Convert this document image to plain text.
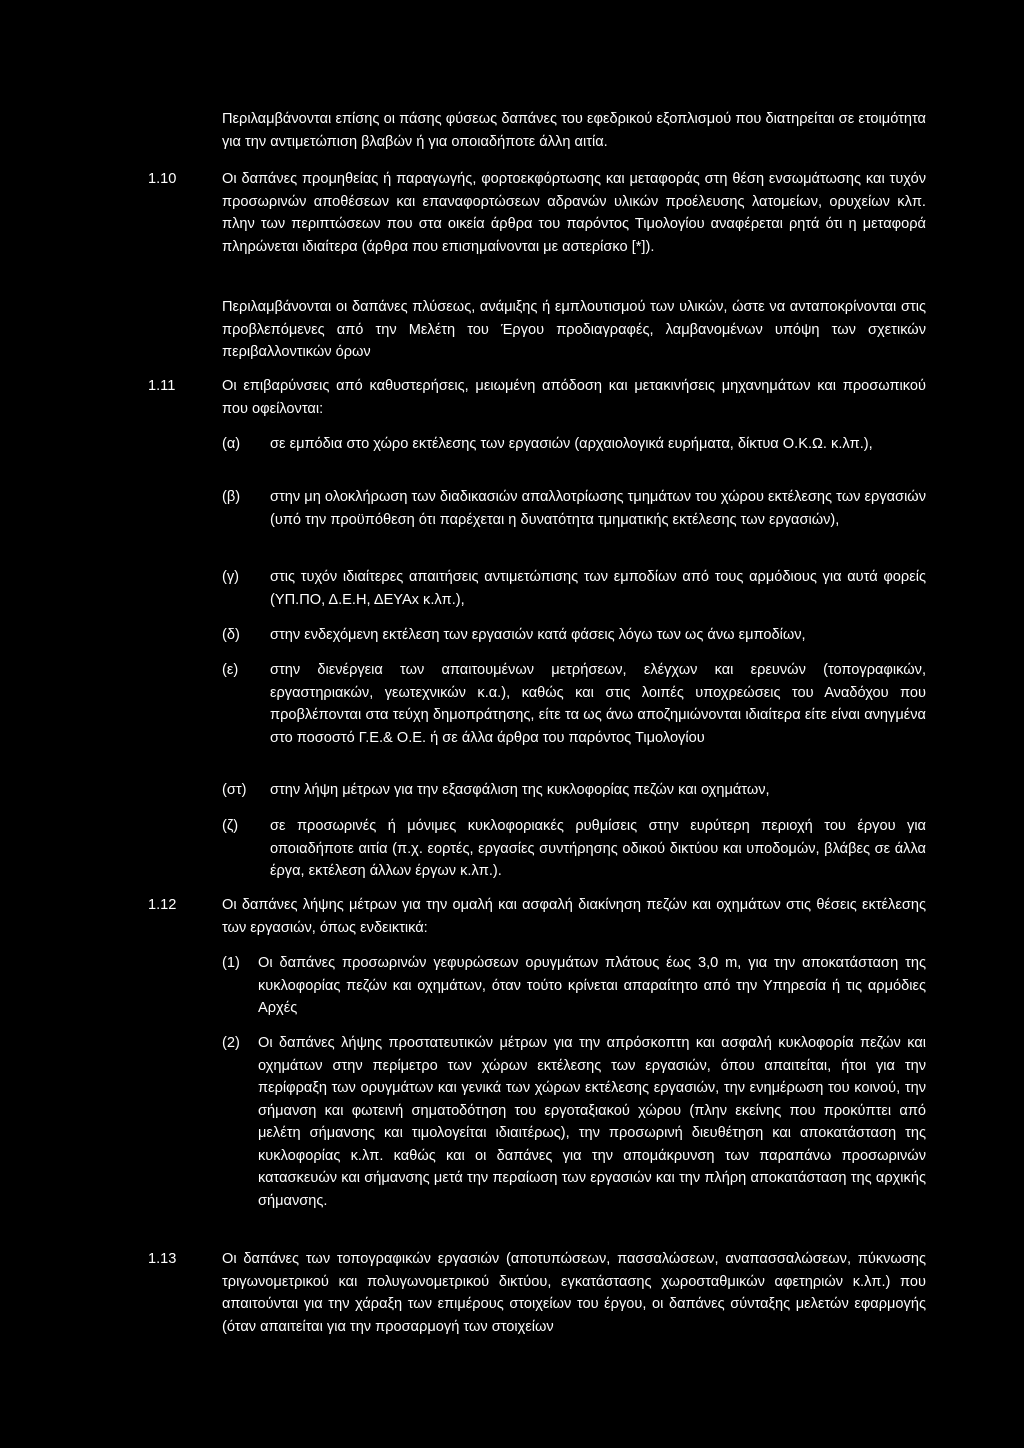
Περιλαμβάνονται επίσης οι πάσης φύσεως δαπάνες του εφεδρικού εξοπλισμού που διατηρείται σε ετοιμότητα για την αντιμετώπιση βλαβών ή για οποιαδήποτε άλλη αιτία.

1.10	Οι δαπάνες προμηθείας ή παραγωγής, φορτοεκφόρτωσης και μεταφοράς στη θέση ενσωμάτωσης και τυχόν προσωρινών αποθέσεων και επαναφορτώσεων αδρανών υλικών προέλευσης λατομείων, ορυχείων κλπ. πλην των περιπτώσεων που στα οικεία άρθρα του παρόντος Τιμολογίου αναφέρεται ρητά ότι η μεταφορά πληρώνεται ιδιαίτερα (άρθρα που επισημαίνονται με αστερίσκο [*]).

Περιλαμβάνονται οι δαπάνες πλύσεως, ανάμιξης ή εμπλουτισμού των υλικών, ώστε να ανταποκρίνονται στις προβλεπόμενες από την Μελέτη του Έργου προδιαγραφές, λαμβανομένων υπόψη των σχετικών περιβαλλοντικών όρων

1.11	Οι επιβαρύνσεις από καθυστερήσεις, μειωμένη απόδοση και μετακινήσεις μηχανημάτων και προσωπικού που οφείλονται:

(α) σε εμπόδια στο χώρο εκτέλεσης των εργασιών (αρχαιολογικά ευρήματα, δίκτυα Ο.Κ.Ω. κ.λπ.),

(β) στην μη ολοκλήρωση των διαδικασιών απαλλοτρίωσης τμημάτων του χώρου εκτέλεσης των εργασιών (υπό την προϋπόθεση ότι παρέχεται η δυνατότητα τμηματικής εκτέλεσης των εργασιών),

(γ) στις τυχόν ιδιαίτερες απαιτήσεις αντιμετώπισης των εμποδίων από τους αρμόδιους για αυτά φορείς (ΥΠ.ΠΟ, Δ.Ε.Η, ΔΕΥΑx κ.λπ.),

(δ) στην ενδεχόμενη εκτέλεση των εργασιών κατά φάσεις λόγω των ως άνω εμποδίων,

(ε) στην διενέργεια των απαιτουμένων μετρήσεων, ελέγχων και ερευνών (τοπογραφικών, εργαστηριακών, γεωτεχνικών κ.α.), καθώς και στις λοιπές υποχρεώσεις του Αναδόχου που προβλέπονται στα τεύχη δημοπράτησης, είτε τα ως άνω αποζημιώνονται ιδιαίτερα είτε είναι ανηγμένα στο ποσοστό Γ.Ε.& Ο.Ε. ή σε άλλα άρθρα του παρόντος Τιμολογίου

(στ) στην λήψη μέτρων για την εξασφάλιση της κυκλοφορίας πεζών και οχημάτων,

(ζ) σε προσωρινές ή μόνιμες κυκλοφοριακές ρυθμίσεις στην ευρύτερη περιοχή του έργου για οποιαδήποτε αιτία (π.χ. εορτές, εργασίες συντήρησης οδικού δικτύου και υποδομών, βλάβες σε άλλα έργα, εκτέλεση άλλων έργων κ.λπ.).

1.12	Οι δαπάνες λήψης μέτρων για την ομαλή και ασφαλή διακίνηση πεζών και οχημάτων στις θέσεις εκτέλεσης των εργασιών, όπως ενδεικτικά:

(1) Οι δαπάνες προσωρινών γεφυρώσεων ορυγμάτων πλάτους έως 3,0 m, για την αποκατάσταση της κυκλοφορίας πεζών και οχημάτων, όταν τούτο κρίνεται απαραίτητο από την Υπηρεσία ή τις αρμόδιες Αρχές

(2) Οι δαπάνες λήψης προστατευτικών μέτρων για την απρόσκοπτη και ασφαλή κυκλοφορία πεζών και οχημάτων στην περίμετρο των χώρων εκτέλεσης των εργασιών, όπου απαιτείται, ήτοι για την περίφραξη των ορυγμάτων και γενικά των χώρων εκτέλεσης εργασιών, την ενημέρωση του κοινού, την σήμανση και φωτεινή σηματοδότηση του εργοταξιακού χώρου (πλην εκείνης που προκύπτει από μελέτη σήμανσης και τιμολογείται ιδιαιτέρως), την προσωρινή διευθέτηση και αποκατάσταση της κυκλοφορίας κ.λπ. καθώς και οι δαπάνες για την απομάκρυνση των παραπάνω προσωρινών κατασκευών και σήμανσης μετά την περαίωση των εργασιών και την πλήρη αποκατάσταση της αρχικής σήμανσης.

1.13	Οι δαπάνες των τοπογραφικών εργασιών (αποτυπώσεων, πασσαλώσεων, αναπασσαλώσεων, πύκνωσης τριγωνομετρικού και πολυγωνομετρικού δικτύου, εγκατάστασης χωροσταθμικών αφετηριών κ.λπ.) που απαιτούνται για την χάραξη των επιμέρους στοιχείων του έργου, οι δαπάνες σύνταξης μελετών εφαρμογής (όταν απαιτείται για την προσαρμογή των στοιχείων
